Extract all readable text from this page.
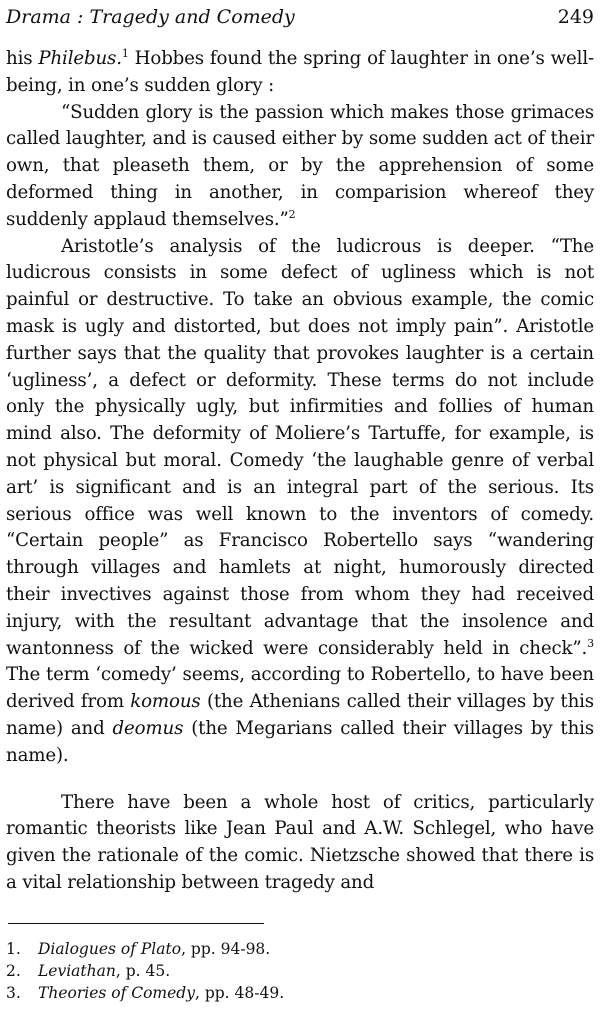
Drama : Tragedy and Comedy	249

his Philebus.$^1$ Hobbes found the spring of laughter in one’s well-being, in one’s sudden glory :

“Sudden glory is the passion which makes those grimaces called laughter, and is caused either by some sudden act of their own, that pleaseth them, or by the apprehension of some deformed thing in another, in comparision whereof they suddenly applaud themselves.”$^2$

Aristotle’s analysis of the ludicrous is deeper. “The ludicrous consists in some defect of ugliness which is not painful or destructive. To take an obvious example, the comic mask is ugly and distorted, but does not imply pain”. Aristotle further says that the quality that provokes laughter is a certain ‘ugliness’, a defect or deformity. These terms do not include only the physically ugly, but infirmities and follies of human mind also. The deformity of Moliere’s Tartuffe, for example, is not physical but moral. Comedy ‘the laughable genre of verbal art’ is significant and is an integral part of the serious. Its serious office was well known to the inventors of comedy. “Certain people” as Francisco Robertello says “wandering through villages and hamlets at night, humorously directed their invectives against those from whom they had received injury, with the resultant advantage that the insolence and wantonness of the wicked were considerably held in check”.$^3$ The term ‘comedy’ seems, according to Robertello, to have been derived from komous (the Athenians called their villages by this name) and deomus (the Megarians called their villages by this name).

There have been a whole host of critics, particularly romantic theorists like Jean Paul and A.W. Schlegel, who have given the rationale of the comic. Nietzsche showed that there is a vital relationship between tragedy and

1.	Dialogues of Plato, pp. 94-98.
2.	Leviathan, p. 45.
3.	Theories of Comedy, pp. 48-49.
